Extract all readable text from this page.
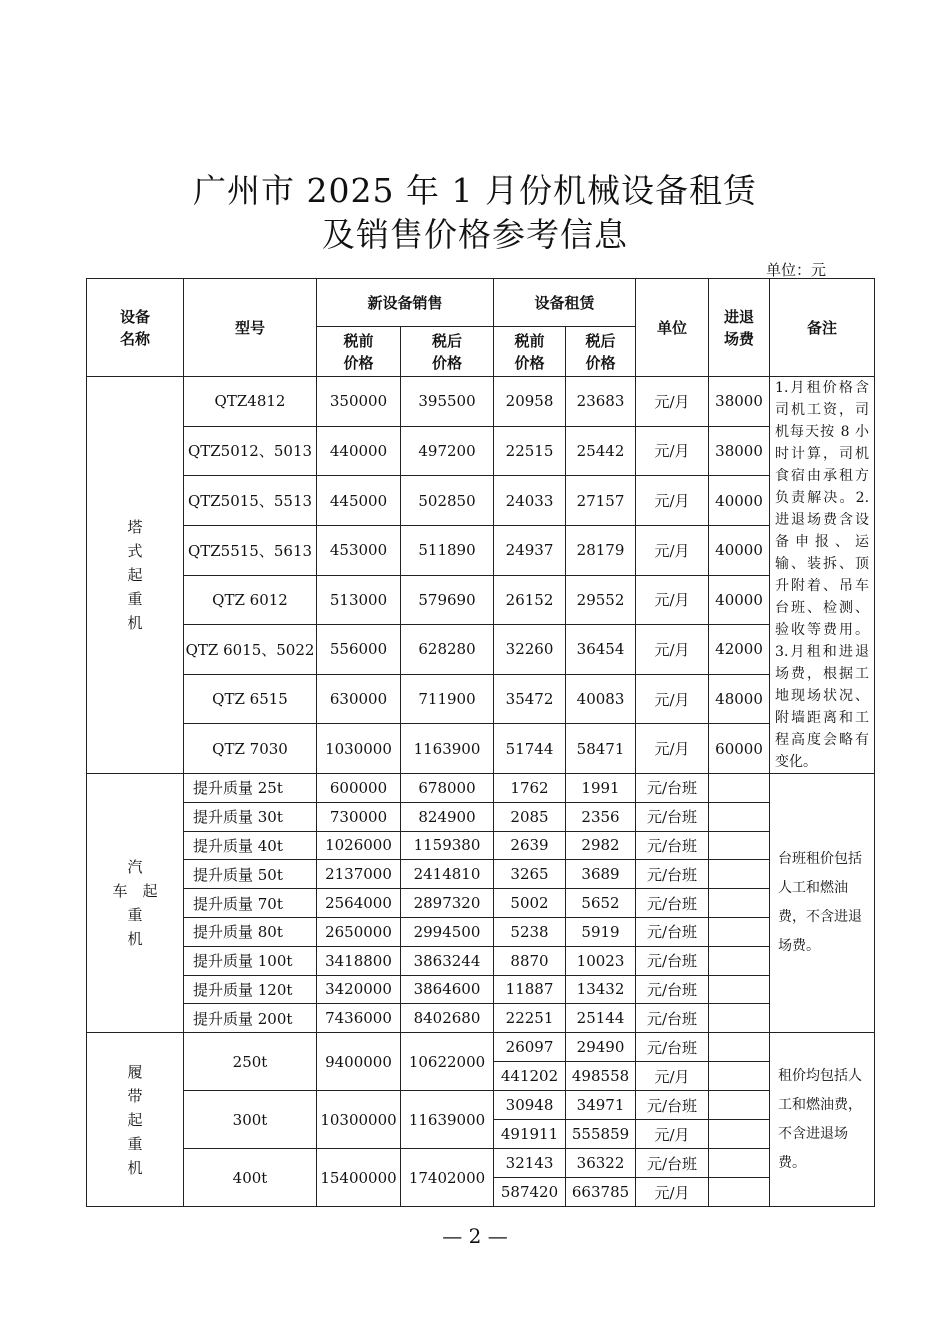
广州市 2025 年 1 月份机械设备租赁
及销售价格参考信息
单位：元
设备名称	型号	新设备销售		设备租赁		单位	进退场费	备注

		税前价格	税后价格	税前价格	税后价格			

塔
式
起
重
机	QTZ4812	350000	395500	20958	23683	元/月	38000	1.月租价格含司机工资，司机每天按 8 小时计算，司机食宿由承租方负责解决。2.进退场费含设备申报、运输、装拆、顶升附着、吊车台班、检测、验收等费用。3.月租和进退场费，根据工地现场状况、附墙距离和工程高度会略有变化。
	QTZ5012、5013	440000	497200	22515	25442	元/月	38000	
	QTZ5015、5513	445000	502850	24033	27157	元/月	40000	
	QTZ5515、5613	453000	511890	24937	28179	元/月	40000	
	QTZ 6012	513000	579690	26152	29552	元/月	40000	
	QTZ 6015、5022	556000	628280	32260	36454	元/月	42000	
	QTZ 6515	630000	711900	35472	40083	元/月	48000	
	QTZ 7030	1030000	1163900	51744	58471	元/月	60000	

汽
车　起
重
机	提升质量 25t	600000	678000	1762	1991	元/台班		台班租价包括人工和燃油费，不含进退场费。
	提升质量 30t	730000	824900	2085	2356	元/台班		
	提升质量 40t	1026000	1159380	2639	2982	元/台班		
	提升质量 50t	2137000	2414810	3265	3689	元/台班		
	提升质量 70t	2564000	2897320	5002	5652	元/台班		
	提升质量 80t	2650000	2994500	5238	5919	元/台班		
	提升质量 100t	3418800	3863244	8870	10023	元/台班		
	提升质量 120t	3420000	3864600	11887	13432	元/台班		
	提升质量 200t	7436000	8402680	22251	25144	元/台班		

履
带
起
重
机	250t	9400000	10622000	26097	29490	元/台班		租价均包括人工和燃油费，不含进退场费。
				441202	498558	元/月		
	300t	10300000	11639000	30948	34971	元/台班		
				491911	555859	元/月		
	400t	15400000	17402000	32143	36322	元/台班		
				587420	663785	元/月		
— 2 —
